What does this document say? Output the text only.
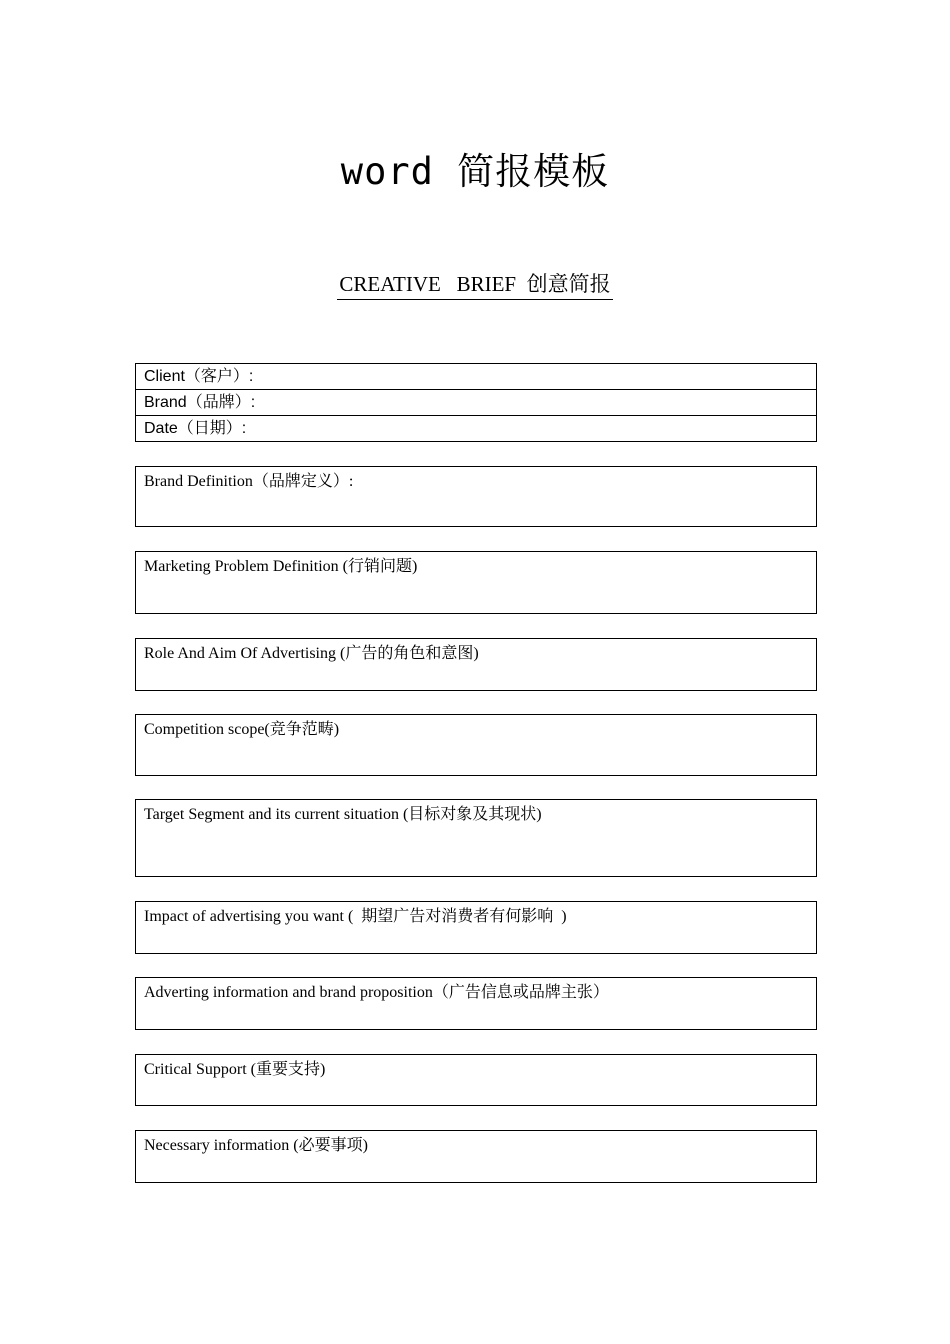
word 简报模板
CREATIVE   BRIEF  创意简报
Client（客户）:
Brand（品牌）:
Date（日期）:
Brand Definition（品牌定义）:
Marketing Problem Definition (行销问题)
Role And Aim Of Advertising (广告的角色和意图)
Competition scope(竞争范畴)
Target Segment and its current situation (目标对象及其现状)
Impact of advertising you want (  期望广告对消费者有何影响  )
Adverting information and brand proposition（广告信息或品牌主张）
Critical Support (重要支持)
Necessary information (必要事项)
